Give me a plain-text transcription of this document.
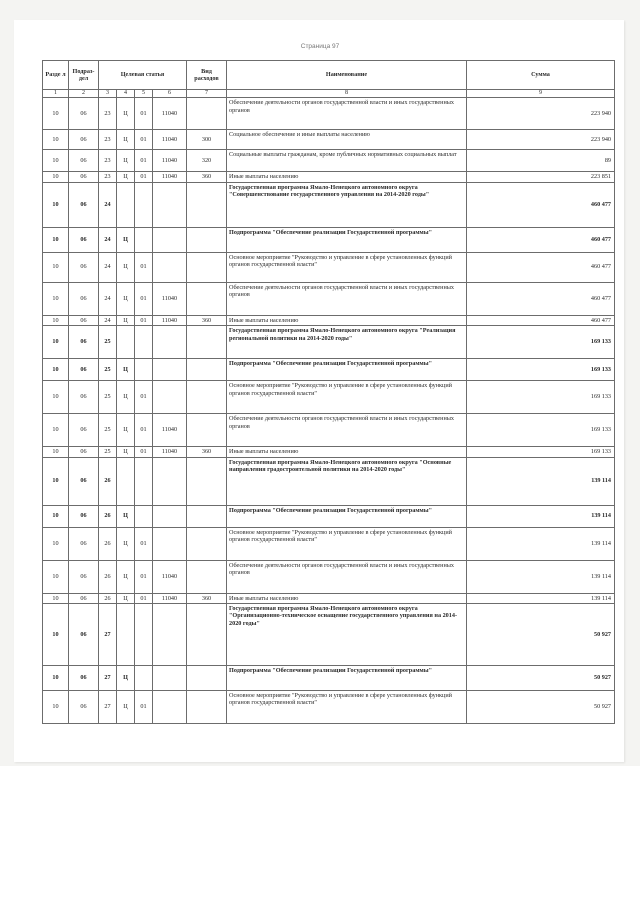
Страница 97
Разде л	Подраз- дел	Целевая статья				Вид расходов	Наименование	Сумма
1	2	3	4	5	6	7	8	9
10	06	23	Ц	01	11040		Обеспечение деятельности органов государственной власти и иных государственных органов	223 940
10	06	23	Ц	01	11040	300	Социальное обеспечение и иные выплаты населению	223 940
10	06	23	Ц	01	11040	320	Социальные выплаты гражданам, кроме публичных нормативных социальных выплат	89
10	06	23	Ц	01	11040	360	Иные выплаты населению	223 851
10	06	24					Государственная программа Ямало-Ненецкого автономного округа "Совершенствование государственного управления на 2014-2020 годы"	460 477
10	06	24	Ц				Подпрограмма "Обеспечение реализации Государственной программы"	460 477
10	06	24	Ц	01			Основное мероприятие "Руководство и управление в сфере установленных функций органов государственной власти"	460 477
10	06	24	Ц	01	11040		Обеспечение деятельности органов государственной власти и иных государственных органов	460 477
10	06	24	Ц	01	11040	360	Иные выплаты населению	460 477
10	06	25					Государственная программа Ямало-Ненецкого автономного округа "Реализация региональной политики на 2014-2020 годы"	169 133
10	06	25	Ц				Подпрограмма "Обеспечение реализации Государственной программы"	169 133
10	06	25	Ц	01			Основное мероприятие "Руководство и управление в сфере установленных функций органов государственной власти"	169 133
10	06	25	Ц	01	11040		Обеспечение деятельности органов государственной власти и иных государственных органов	169 133
10	06	25	Ц	01	11040	360	Иные выплаты населению	169 133
10	06	26					Государственная программа Ямало-Ненецкого автономного округа "Основные направления градостроительной политики на 2014-2020 годы"	139 114
10	06	26	Ц				Подпрограмма "Обеспечение реализации Государственной программы"	139 114
10	06	26	Ц	01			Основное мероприятие "Руководство и управление в сфере установленных функций органов государственной власти"	139 114
10	06	26	Ц	01	11040		Обеспечение деятельности органов государственной власти и иных государственных органов	139 114
10	06	26	Ц	01	11040	360	Иные выплаты населению	139 114
10	06	27					Государственная программа Ямало-Ненецкого автономного округа "Организационно-техническое оснащение государственного управления на 2014-2020 годы"	50 927
10	06	27	Ц				Подпрограмма "Обеспечение реализации Государственной программы"	50 927
10	06	27	Ц	01			Основное мероприятие "Руководство и управление в сфере установленных функций органов государственной власти"	50 927
